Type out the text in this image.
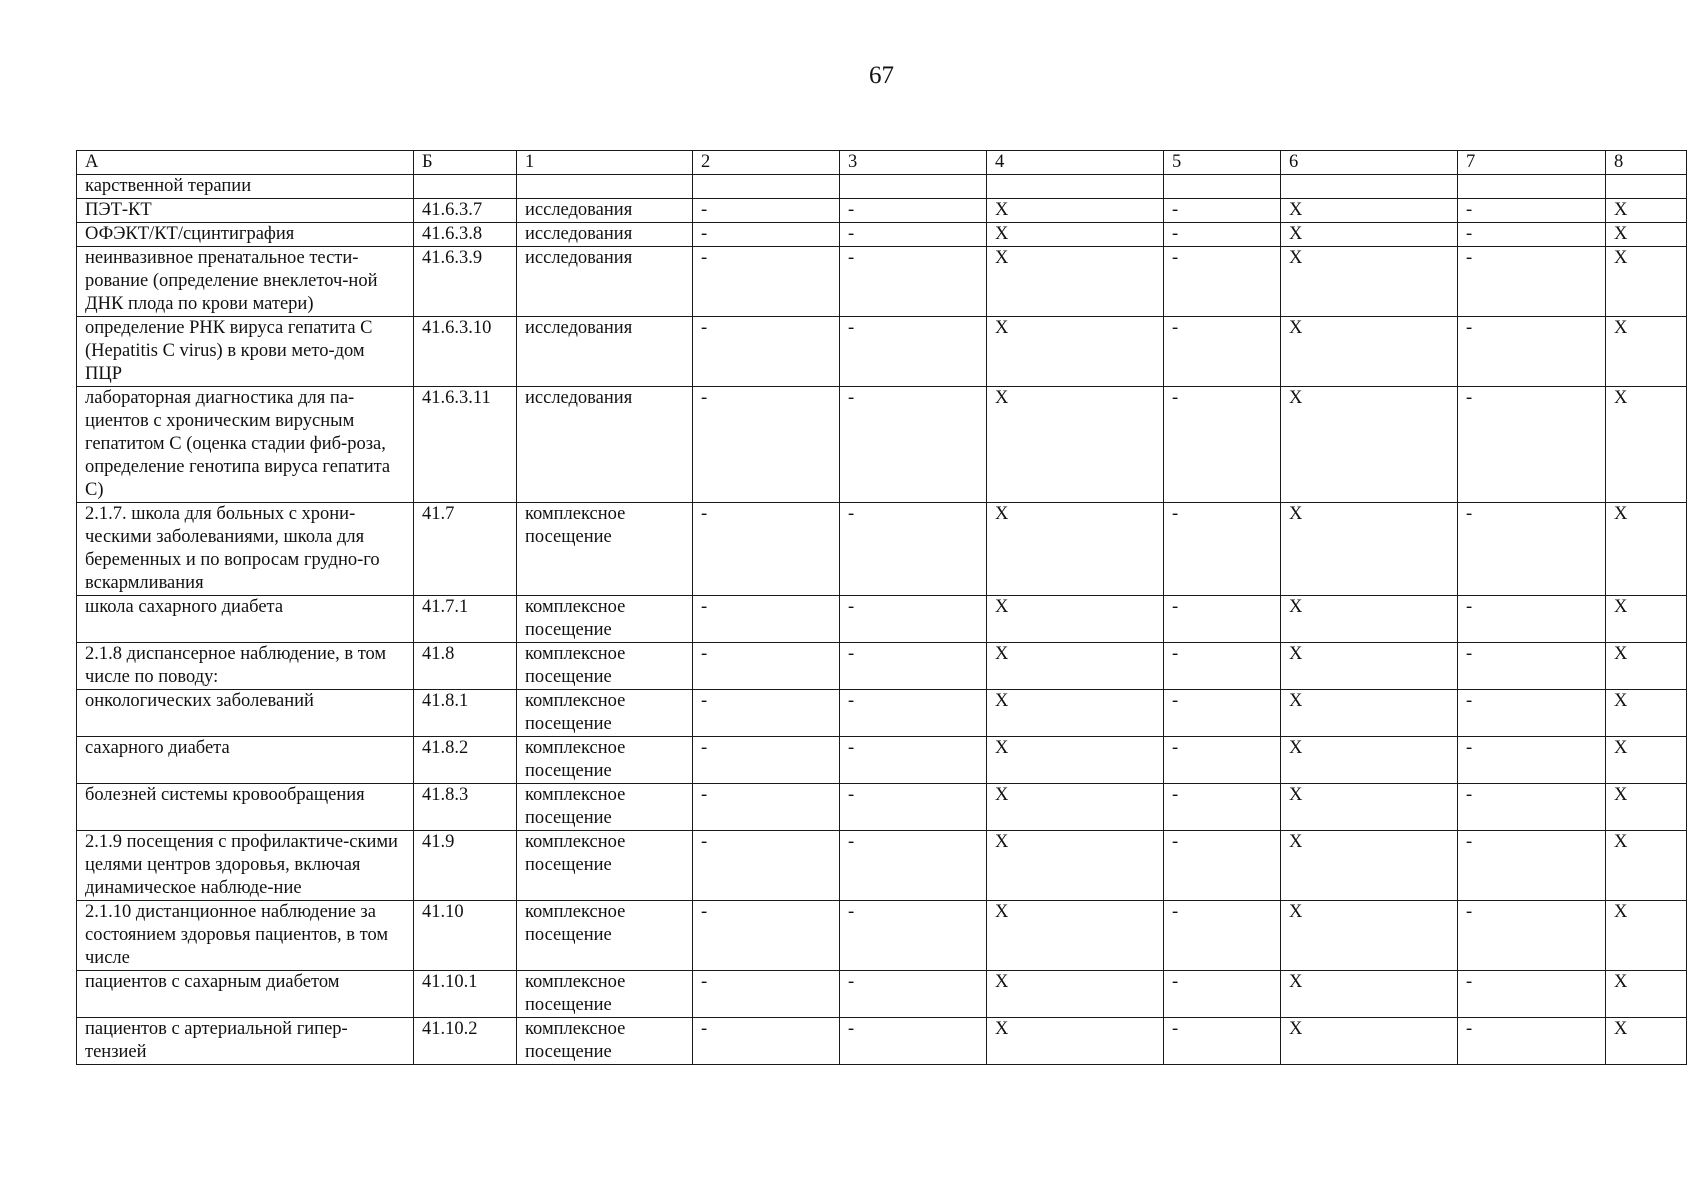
67
А	Б	1	2	3	4	5	6	7	8
карственной терапии									
ПЭТ-КТ	41.6.3.7	исследования	-	-	X	-	X	-	X
ОФЭКТ/КТ/сцинтиграфия	41.6.3.8	исследования	-	-	X	-	X	-	X
неинвазивное пренатальное тести-рование (определение внеклеточ-ной ДНК плода по крови матери)	41.6.3.9	исследования	-	-	X	-	X	-	X
определение РНК вируса гепатита С (Hepatitis C virus) в крови мето-дом ПЦР	41.6.3.10	исследования	-	-	X	-	X	-	X
лабораторная диагностика для па-циентов с хроническим вирусным гепатитом С (оценка стадии фиб-роза, определение генотипа вируса гепатита С)	41.6.3.11	исследования	-	-	X	-	X	-	X
2.1.7. школа для больных с хрони-ческими заболеваниями, школа для беременных и по вопросам грудно-го вскармливания	41.7	комплексное посещение	-	-	X	-	X	-	X
школа сахарного диабета	41.7.1	комплексное посещение	-	-	X	-	X	-	X
2.1.8 диспансерное наблюдение, в том числе по поводу:	41.8	комплексное посещение	-	-	X	-	X	-	X
онкологических заболеваний	41.8.1	комплексное посещение	-	-	X	-	X	-	X
сахарного диабета	41.8.2	комплексное посещение	-	-	X	-	X	-	X
болезней системы кровообращения	41.8.3	комплексное посещение	-	-	X	-	X	-	X
2.1.9 посещения с профилактиче-скими целями центров здоровья, включая динамическое наблюде-ние	41.9	комплексное посещение	-	-	X	-	X	-	X
2.1.10 дистанционное наблюдение за состоянием здоровья пациентов, в том числе	41.10	комплексное посещение	-	-	X	-	X	-	X
пациентов с сахарным диабетом	41.10.1	комплексное посещение	-	-	X	-	X	-	X
пациентов с артериальной гипер-тензией	41.10.2	комплексное посещение	-	-	X	-	X	-	X
